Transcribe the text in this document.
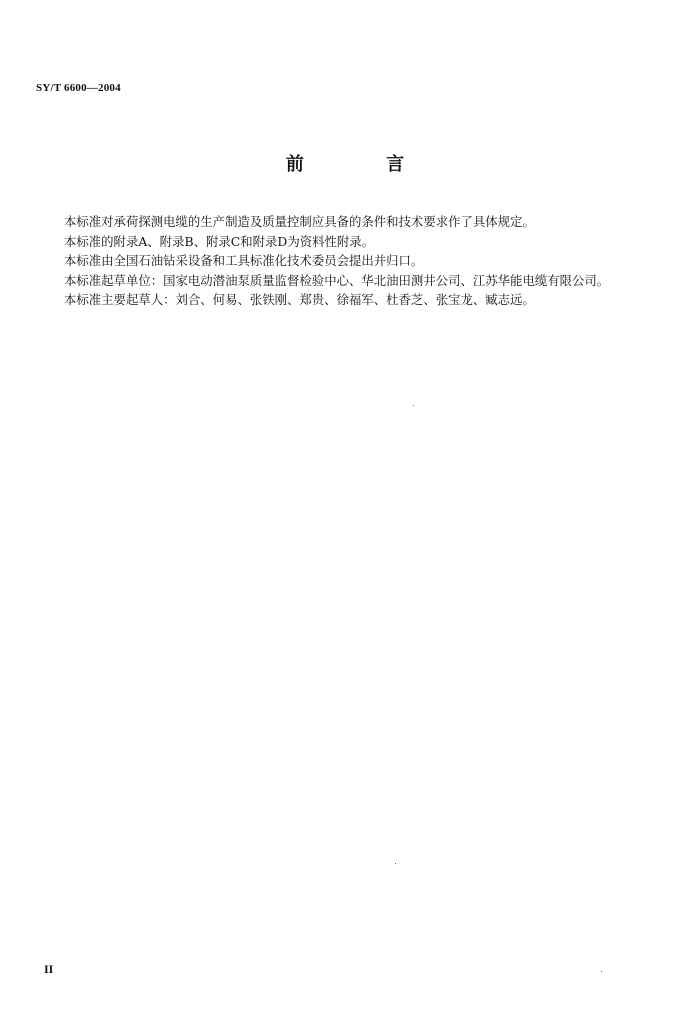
SY/T 6600—2004
前 言

本标准对承荷探测电缆的生产制造及质量控制应具备的条件和技术要求作了具体规定。

本标准的附录A、附录B、附录C和附录D为资料性附录。

本标准由全国石油钻采设备和工具标准化技术委员会提出并归口。

本标准起草单位：国家电动潜油泵质量监督检验中心、华北油田测井公司、江苏华能电缆有限公司。

本标准主要起草人：刘合、何易、张铁刚、郑贵、徐福军、杜香芝、张宝龙、臧志远。

II
